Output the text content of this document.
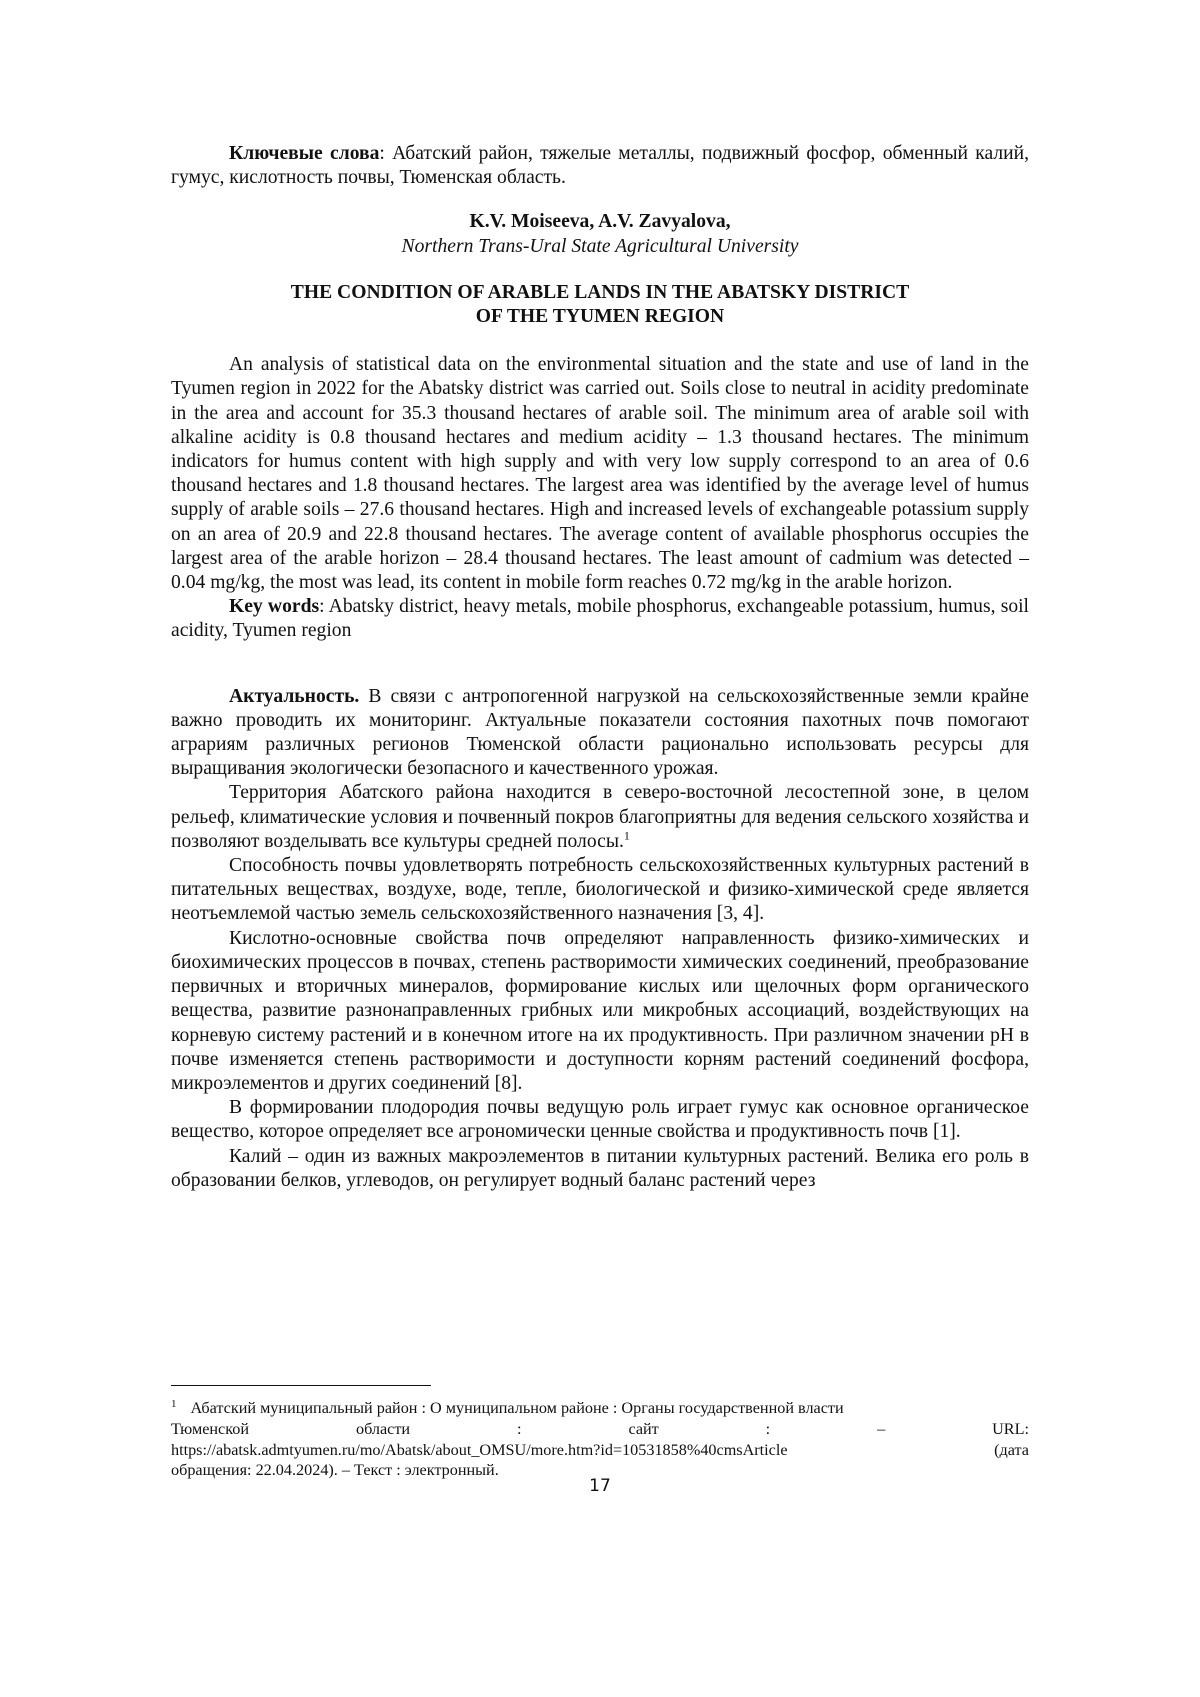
Ключевые слова: Абатский район, тяжелые металлы, подвижный фосфор, обменный калий, гумус, кислотность почвы, Тюменская область.

K.V. Moiseeva, A.V. Zavyalova,
Northern Trans-Ural State Agricultural University
THE CONDITION OF ARABLE LANDS IN THE ABATSKY DISTRICT
OF THE TYUMEN REGION

An analysis of statistical data on the environmental situation and the state and use of land in the Tyumen region in 2022 for the Abatsky district was carried out. Soils close to neutral in acidity predominate in the area and account for 35.3 thousand hectares of arable soil. The minimum area of arable soil with alkaline acidity is 0.8 thousand hectares and medium acidity – 1.3 thousand hectares. The minimum indicators for humus content with high supply and with very low supply correspond to an area of 0.6 thousand hectares and 1.8 thousand hectares. The largest area was identified by the average level of humus supply of arable soils – 27.6 thousand hectares. High and increased levels of exchangeable potassium supply on an area of 20.9 and 22.8 thousand hectares. The average content of available phosphorus occupies the largest area of the arable horizon – 28.4 thousand hectares. The least amount of cadmium was detected – 0.04 mg/kg, the most was lead, its content in mobile form reaches 0.72 mg/kg in the arable horizon.

Key words: Abatsky district, heavy metals, mobile phosphorus, exchangeable potassium, humus, soil acidity, Tyumen region

Актуальность. В связи с антропогенной нагрузкой на сельскохозяйственные земли крайне важно проводить их мониторинг. Актуальные показатели состояния пахотных почв помогают аграриям различных регионов Тюменской области рационально использовать ресурсы для выращивания экологически безопасного и качественного урожая.

Территория Абатского района находится в северо-восточной лесостепной зоне, в целом рельеф, климатические условия и почвенный покров благоприятны для ведения сельского хозяйства и позволяют возделывать все культуры средней полосы.$^1$

Способность почвы удовлетворять потребность сельскохозяйственных культурных растений в питательных веществах, воздухе, воде, тепле, биологической и физико-химической среде является неотъемлемой частью земель сельскохозяйственного назначения [3, 4].

Кислотно-основные свойства почв определяют направленность физико-химических и биохимических процессов в почвах, степень растворимости химических соединений, преобразование первичных и вторичных минералов, формирование кислых или щелочных форм органического вещества, развитие разнонаправленных грибных или микробных ассоциаций, воздействующих на корневую систему растений и в конечном итоге на их продуктивность. При различном значении pH в почве изменяется степень растворимости и доступности корням растений соединений фосфора, микроэлементов и других соединений [8].

В формировании плодородия почвы ведущую роль играет гумус как основное органическое вещество, которое определяет все агрономически ценные свойства и продуктивность почв [1].

Калий – один из важных макроэлементов в питании культурных растений. Велика его роль в образовании белков, углеводов, он регулирует водный баланс растений через

$^1$ Абатский муниципальный район : О муниципальном районе : Органы государственной власти
Тюменской	области	:	сайт	:	–	URL:
https://abatsk.admtyumen.ru/mo/Abatsk/about_OMSU/more.htm?id=10531858%40cmsArticle	(дата
обращения: 22.04.2024). – Текст : электронный.
17
